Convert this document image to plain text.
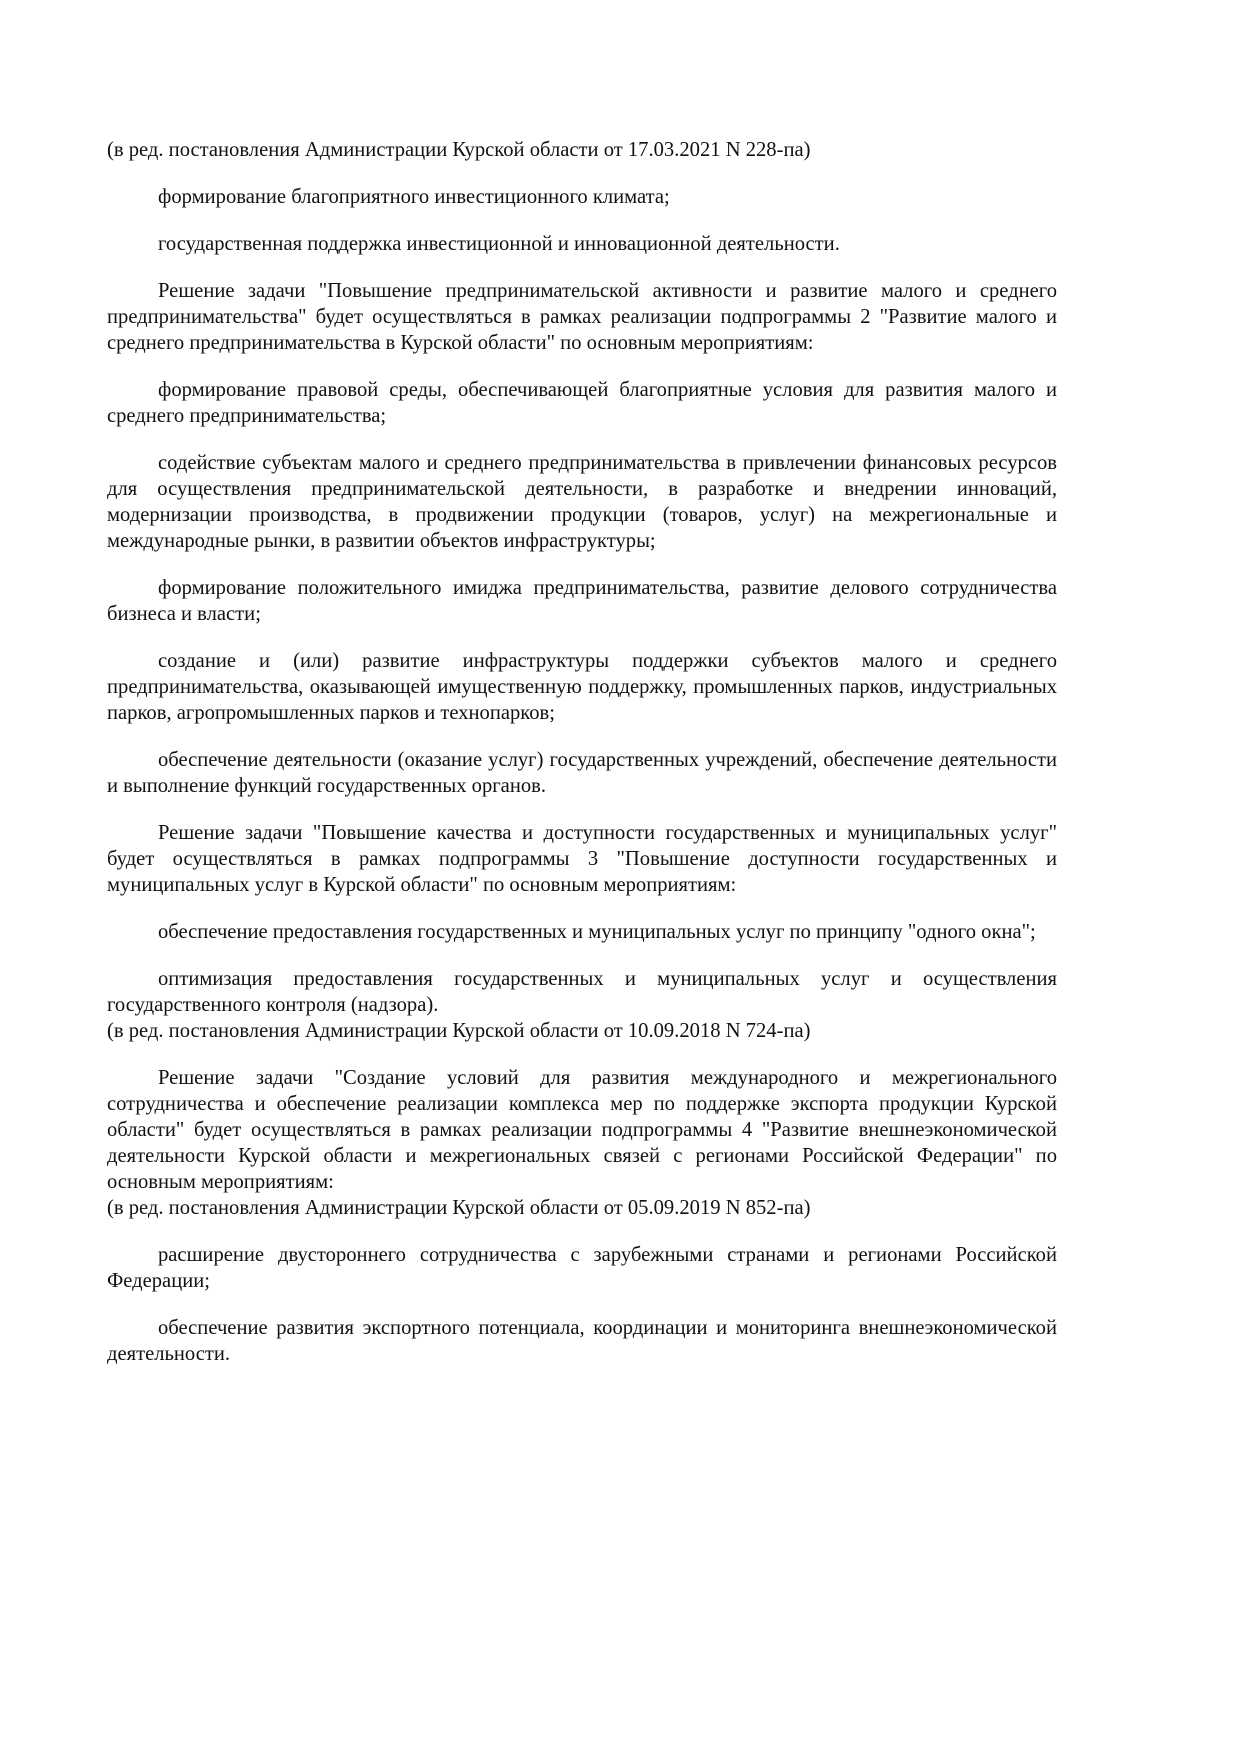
(в ред. постановления Администрации Курской области от 17.03.2021 N 228-па)

формирование благоприятного инвестиционного климата;

государственная поддержка инвестиционной и инновационной деятельности.

Решение задачи "Повышение предпринимательской активности и развитие малого и среднего предпринимательства" будет осуществляться в рамках реализации подпрограммы 2 "Развитие малого и среднего предпринимательства в Курской области" по основным мероприятиям:

формирование правовой среды, обеспечивающей благоприятные условия для развития малого и среднего предпринимательства;

содействие субъектам малого и среднего предпринимательства в привлечении финансовых ресурсов для осуществления предпринимательской деятельности, в разработке и внедрении инноваций, модернизации производства, в продвижении продукции (товаров, услуг) на межрегиональные и международные рынки, в развитии объектов инфраструктуры;

формирование положительного имиджа предпринимательства, развитие делового сотрудничества бизнеса и власти;

создание и (или) развитие инфраструктуры поддержки субъектов малого и среднего предпринимательства, оказывающей имущественную поддержку, промышленных парков, индустриальных парков, агропромышленных парков и технопарков;

обеспечение деятельности (оказание услуг) государственных учреждений, обеспечение деятельности и выполнение функций государственных органов.

Решение задачи "Повышение качества и доступности государственных и муниципальных услуг" будет осуществляться в рамках подпрограммы 3 "Повышение доступности государственных и муниципальных услуг в Курской области" по основным мероприятиям:

обеспечение предоставления государственных и муниципальных услуг по принципу "одного окна";

оптимизация предоставления государственных и муниципальных услуг и осуществления государственного контроля (надзора).

(в ред. постановления Администрации Курской области от 10.09.2018 N 724-па)

Решение задачи "Создание условий для развития международного и межрегионального сотрудничества и обеспечение реализации комплекса мер по поддержке экспорта продукции Курской области" будет осуществляться в рамках реализации подпрограммы 4 "Развитие внешнеэкономической деятельности Курской области и межрегиональных связей с регионами Российской Федерации" по основным мероприятиям:

(в ред. постановления Администрации Курской области от 05.09.2019 N 852-па)

расширение двустороннего сотрудничества с зарубежными странами и регионами Российской Федерации;

обеспечение развития экспортного потенциала, координации и мониторинга внешнеэкономической деятельности.
